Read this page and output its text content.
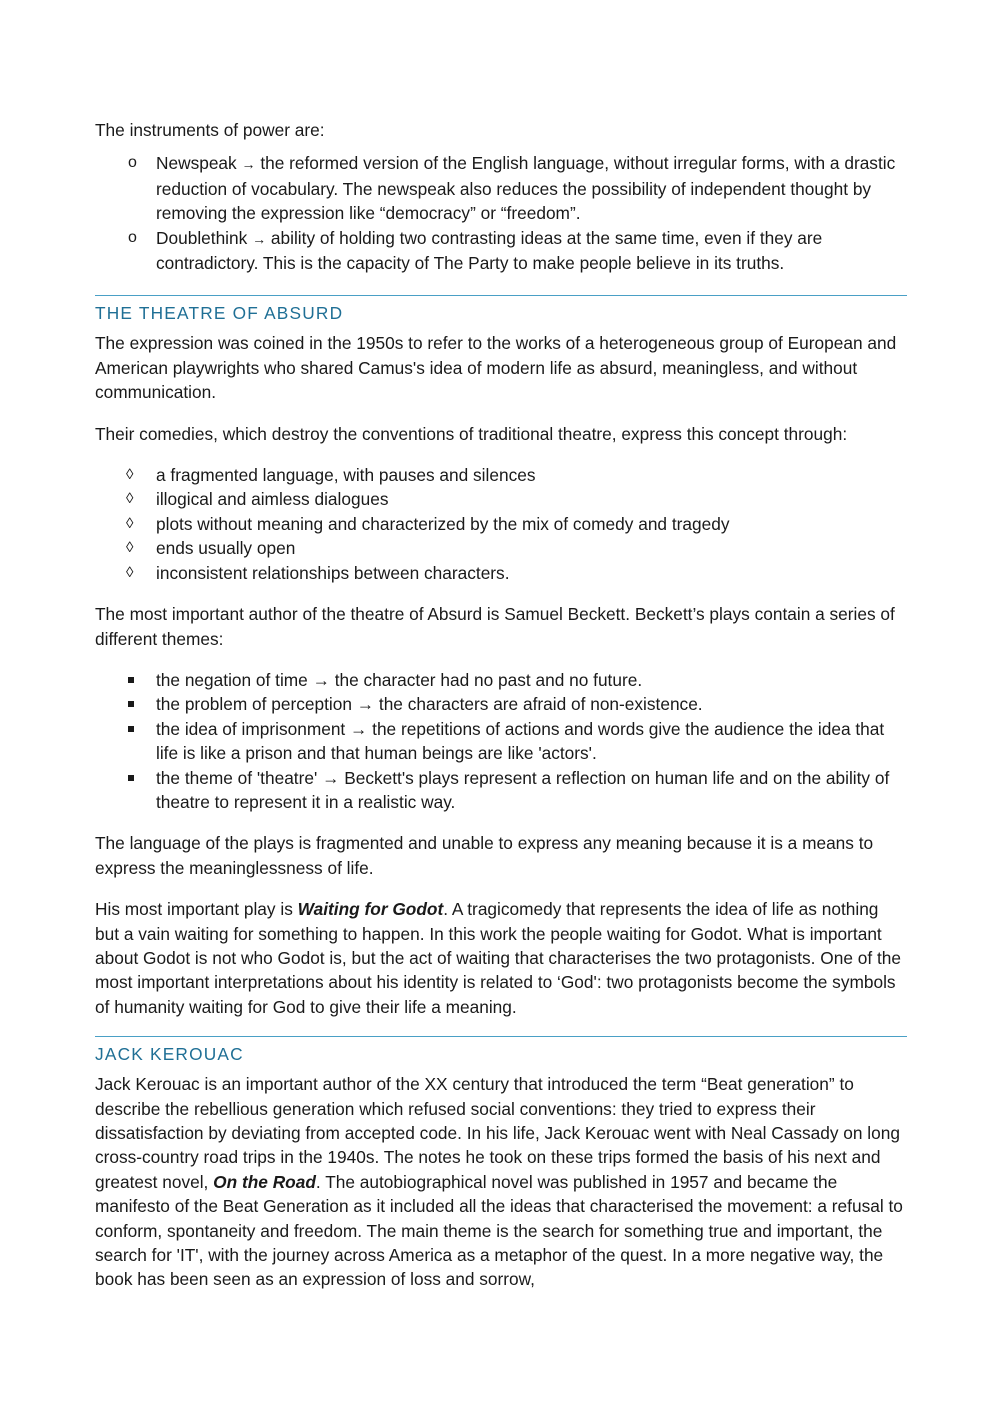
The instruments of power are:

o	Newspeak → the reformed version of the English language, without irregular forms, with a drastic reduction of vocabulary. The newspeak also reduces the possibility of independent thought by removing the expression like “democracy” or “freedom”.
o	Doublethink → ability of holding two contrasting ideas at the same time, even if they are contradictory. This is the capacity of The Party to make people believe in its truths.
THE THEATRE OF ABSURD

The expression was coined in the 1950s to refer to the works of a heterogeneous group of European and American playwrights who shared Camus's idea of modern life as absurd, meaningless, and without communication.

Their comedies, which destroy the conventions of traditional theatre, express this concept through:

◊	a fragmented language, with pauses and silences
◊	illogical and aimless dialogues
◊	plots without meaning and characterized by the mix of comedy and tragedy
◊	ends usually open
◊	inconsistent relationships between characters.

The most important author of the theatre of Absurd is Samuel Beckett. Beckett’s plays contain a series of different themes:

the negation of time → the character had no past and no future.
the problem of perception → the characters are afraid of non-existence.
the idea of imprisonment → the repetitions of actions and words give the audience the idea that life is like a prison and that human beings are like 'actors'.
the theme of 'theatre' → Beckett's plays represent a reflection on human life and on the ability of theatre to represent it in a realistic way.

The language of the plays is fragmented and unable to express any meaning because it is a means to express the meaninglessness of life.

His most important play is Waiting for Godot. A tragicomedy that represents the idea of life as nothing but a vain waiting for something to happen. In this work the people waiting for Godot. What is important about Godot is not who Godot is, but the act of waiting that characterises the two protagonists. One of the most important interpretations about his identity is related to ‘God': two protagonists become the symbols of humanity waiting for God to give their life a meaning.

JACK KEROUAC

Jack Kerouac is an important author of the XX century that introduced the term “Beat generation” to describe the rebellious generation which refused social conventions: they tried to express their dissatisfaction by deviating from accepted code. In his life, Jack Kerouac went with Neal Cassady on long cross-country road trips in the 1940s. The notes he took on these trips formed the basis of his next and greatest novel, On the Road. The autobiographical novel was published in 1957 and became the manifesto of the Beat Generation as it included all the ideas that characterised the movement: a refusal to conform, spontaneity and freedom. The main theme is the search for something true and important, the search for 'IT', with the journey across America as a metaphor of the quest. In a more negative way, the book has been seen as an expression of loss and sorrow,
